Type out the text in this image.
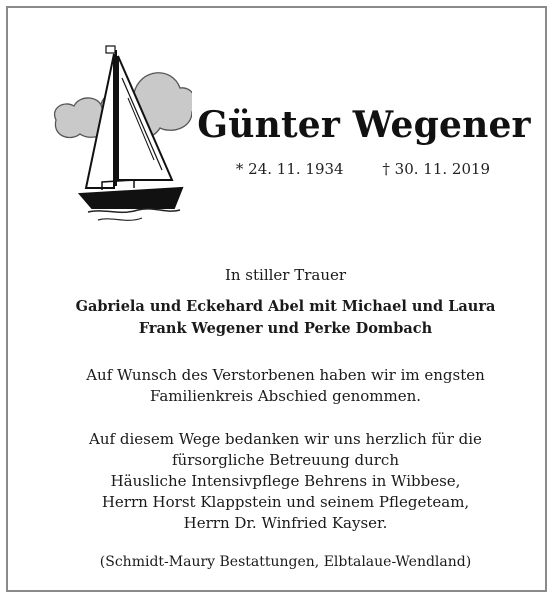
Günter Wegener
* 24. 11. 1934	† 30. 11. 2019
In stiller Trauer
Gabriela und Eckehard Abel mit Michael und Laura
Frank Wegener und Perke Dombach
Auf Wunsch des Verstorbenen haben wir im engsten
Familienkreis Abschied genommen.
Auf diesem Wege bedanken wir uns herzlich für die
fürsorgliche Betreuung durch
Häusliche Intensivpflege Behrens in Wibbese,
Herrn Horst Klappstein und seinem Pflegeteam,
Herrn Dr. Winfried Kayser.
(Schmidt-Maury Bestattungen, Elbtalaue-Wendland)
